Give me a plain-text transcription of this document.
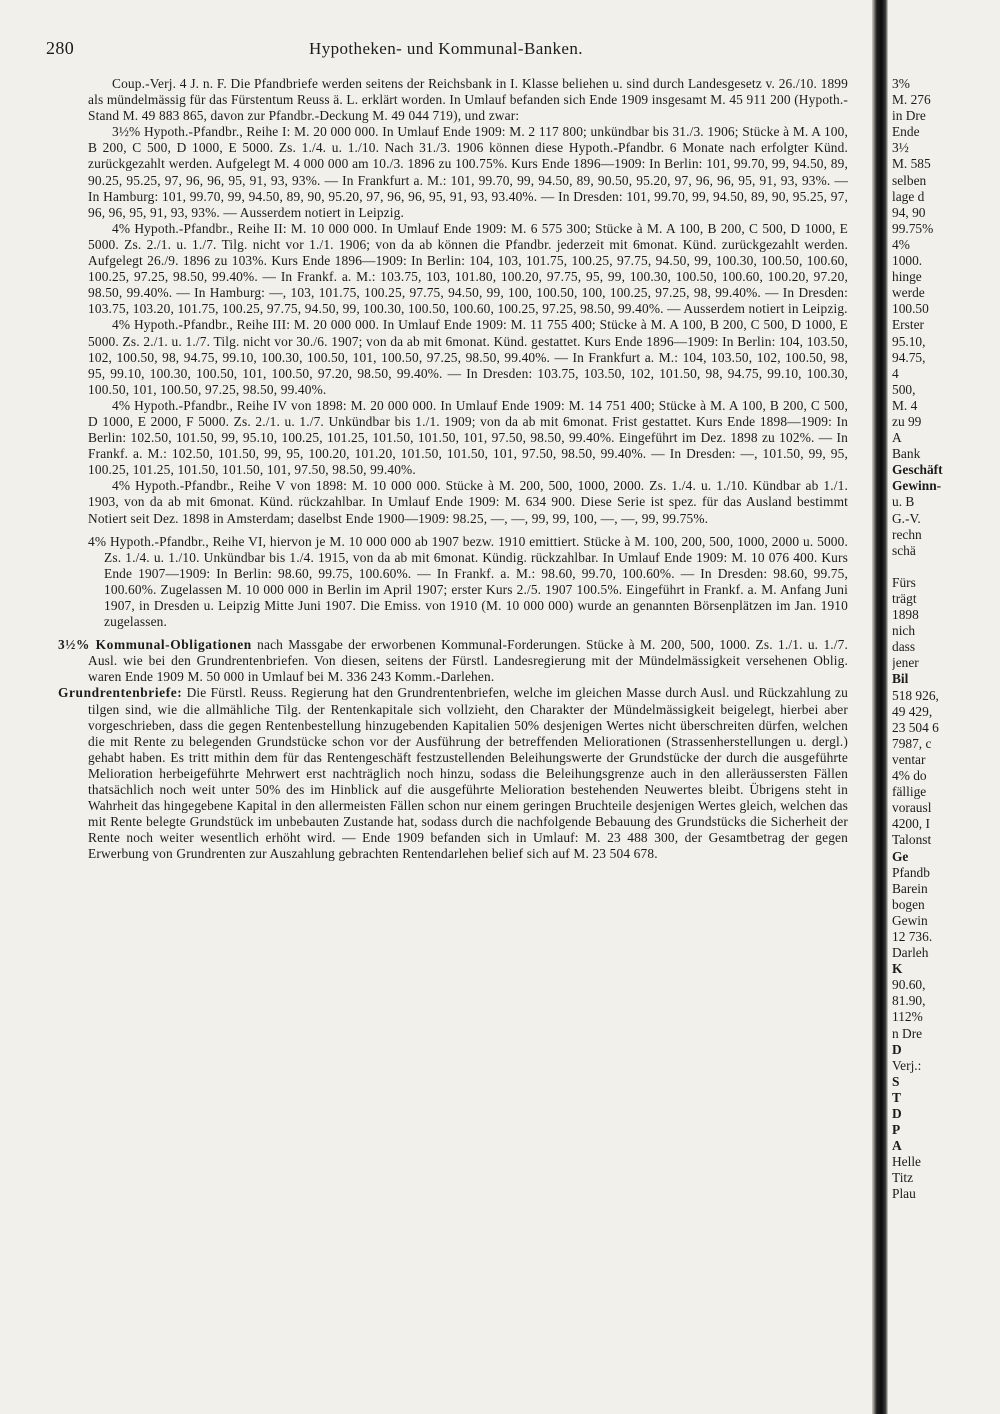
280	Hypotheken- und Kommunal-Banken.

Coup.-Verj. 4 J. n. F. Die Pfandbriefe werden seitens der Reichsbank in I. Klasse beliehen u. sind durch Landesgesetz v. 26./10. 1899 als mündelmässig für das Fürstentum Reuss ä. L. erklärt worden. In Umlauf befanden sich Ende 1909 insgesamt M. 45 911 200 (Hypoth.-Stand M. 49 883 865, davon zur Pfandbr.-Deckung M. 49 044 719), und zwar:

3½% Hypoth.-Pfandbr., Reihe I: M. 20 000 000. In Umlauf Ende 1909: M. 2 117 800; unkündbar bis 31./3. 1906; Stücke à M. A 100, B 200, C 500, D 1000, E 5000. Zs. 1./4. u. 1./10. Nach 31./3. 1906 können diese Hypoth.-Pfandbr. 6 Monate nach erfolgter Künd. zurückgezahlt werden. Aufgelegt M. 4 000 000 am 10./3. 1896 zu 100.75%. Kurs Ende 1896—1909: In Berlin: 101, 99.70, 99, 94.50, 89, 90.25, 95.25, 97, 96, 96, 95, 91, 93, 93%. — In Frankfurt a. M.: 101, 99.70, 99, 94.50, 89, 90.50, 95.20, 97, 96, 96, 95, 91, 93, 93%. — In Hamburg: 101, 99.70, 99, 94.50, 89, 90, 95.20, 97, 96, 96, 95, 91, 93, 93.40%. — In Dresden: 101, 99.70, 99, 94.50, 89, 90, 95.25, 97, 96, 96, 95, 91, 93, 93%. — Ausserdem notiert in Leipzig.

4% Hypoth.-Pfandbr., Reihe II: M. 10 000 000. In Umlauf Ende 1909: M. 6 575 300; Stücke à M. A 100, B 200, C 500, D 1000, E 5000. Zs. 2./1. u. 1./7. Tilg. nicht vor 1./1. 1906; von da ab können die Pfandbr. jederzeit mit 6monat. Künd. zurückgezahlt werden. Aufgelegt 26./9. 1896 zu 103%. Kurs Ende 1896—1909: In Berlin: 104, 103, 101.75, 100.25, 97.75, 94.50, 99, 100.30, 100.50, 100.60, 100.25, 97.25, 98.50, 99.40%. — In Frankf. a. M.: 103.75, 103, 101.80, 100.20, 97.75, 95, 99, 100.30, 100.50, 100.60, 100.20, 97.20, 98.50, 99.40%. — In Hamburg: —, 103, 101.75, 100.25, 97.75, 94.50, 99, 100, 100.50, 100, 100.25, 97.25, 98, 99.40%. — In Dresden: 103.75, 103.20, 101.75, 100.25, 97.75, 94.50, 99, 100.30, 100.50, 100.60, 100.25, 97.25, 98.50, 99.40%. — Ausserdem notiert in Leipzig.

4% Hypoth.-Pfandbr., Reihe III: M. 20 000 000. In Umlauf Ende 1909: M. 11 755 400; Stücke à M. A 100, B 200, C 500, D 1000, E 5000. Zs. 2./1. u. 1./7. Tilg. nicht vor 30./6. 1907; von da ab mit 6monat. Künd. gestattet. Kurs Ende 1896—1909: In Berlin: 104, 103.50, 102, 100.50, 98, 94.75, 99.10, 100.30, 100.50, 101, 100.50, 97.25, 98.50, 99.40%. — In Frankfurt a. M.: 104, 103.50, 102, 100.50, 98, 95, 99.10, 100.30, 100.50, 101, 100.50, 97.20, 98.50, 99.40%. — In Dresden: 103.75, 103.50, 102, 101.50, 98, 94.75, 99.10, 100.30, 100.50, 101, 100.50, 97.25, 98.50, 99.40%.

4% Hypoth.-Pfandbr., Reihe IV von 1898: M. 20 000 000. In Umlauf Ende 1909: M. 14 751 400; Stücke à M. A 100, B 200, C 500, D 1000, E 2000, F 5000. Zs. 2./1. u. 1./7. Unkündbar bis 1./1. 1909; von da ab mit 6monat. Frist gestattet. Kurs Ende 1898—1909: In Berlin: 102.50, 101.50, 99, 95.10, 100.25, 101.25, 101.50, 101.50, 101, 97.50, 98.50, 99.40%. Eingeführt im Dez. 1898 zu 102%. — In Frankf. a. M.: 102.50, 101.50, 99, 95, 100.20, 101.20, 101.50, 101.50, 101, 97.50, 98.50, 99.40%. — In Dresden: —, 101.50, 99, 95, 100.25, 101.25, 101.50, 101.50, 101, 97.50, 98.50, 99.40%.

4% Hypoth.-Pfandbr., Reihe V von 1898: M. 10 000 000. Stücke à M. 200, 500, 1000, 2000. Zs. 1./4. u. 1./10. Kündbar ab 1./1. 1903, von da ab mit 6monat. Künd. rückzahlbar. In Umlauf Ende 1909: M. 634 900. Diese Serie ist spez. für das Ausland bestimmt Notiert seit Dez. 1898 in Amsterdam; daselbst Ende 1900—1909: 98.25, —, —, 99, 99, 100, —, —, 99, 99.75%.

4% Hypoth.-Pfandbr., Reihe VI, hiervon je M. 10 000 000 ab 1907 bezw. 1910 emittiert. Stücke à M. 100, 200, 500, 1000, 2000 u. 5000. Zs. 1./4. u. 1./10. Unkündbar bis 1./4. 1915, von da ab mit 6monat. Kündig. rückzahlbar. In Umlauf Ende 1909: M. 10 076 400. Kurs Ende 1907—1909: In Berlin: 98.60, 99.75, 100.60%. — In Frankf. a. M.: 98.60, 99.70, 100.60%. — In Dresden: 98.60, 99.75, 100.60%. Zugelassen M. 10 000 000 in Berlin im April 1907; erster Kurs 2./5. 1907 100.5%. Eingeführt in Frankf. a. M. Anfang Juni 1907, in Dresden u. Leipzig Mitte Juni 1907. Die Emiss. von 1910 (M. 10 000 000) wurde an genannten Börsenplätzen im Jan. 1910 zugelassen.

3½% Kommunal-Obligationen nach Massgabe der erworbenen Kommunal-Forderungen. Stücke à M. 200, 500, 1000. Zs. 1./1. u. 1./7. Ausl. wie bei den Grundrentenbriefen. Von diesen, seitens der Fürstl. Landesregierung mit der Mündelmässigkeit versehenen Oblig. waren Ende 1909 M. 50 000 in Umlauf bei M. 336 243 Komm.-Darlehen.

Grundrentenbriefe: Die Fürstl. Reuss. Regierung hat den Grundrentenbriefen, welche im gleichen Masse durch Ausl. und Rückzahlung zu tilgen sind, wie die allmähliche Tilg. der Rentenkapitale sich vollzieht, den Charakter der Mündelmässigkeit beigelegt, hierbei aber vorgeschrieben, dass die gegen Rentenbestellung hinzugebenden Kapitalien 50% desjenigen Wertes nicht überschreiten dürfen, welchen die mit Rente zu belegenden Grundstücke schon vor der Ausführung der betreffenden Meliorationen (Strassenherstellungen u. dergl.) gehabt haben. Es tritt mithin dem für das Rentengeschäft festzustellenden Beleihungswerte der Grundstücke der durch die ausgeführte Melioration herbeigeführte Mehrwert erst nachträglich noch hinzu, sodass die Beleihungsgrenze auch in den alleräussersten Fällen thatsächlich noch weit unter 50% des im Hinblick auf die ausgeführte Melioration bestehenden Neuwertes bleibt. Übrigens steht in Wahrheit das hingegebene Kapital in den allermeisten Fällen schon nur einem geringen Bruchteile desjenigen Wertes gleich, welchen das mit Rente belegte Grundstück im unbebauten Zustande hat, sodass durch die nachfolgende Bebauung des Grundstücks die Sicherheit der Rente noch weiter wesentlich erhöht wird. — Ende 1909 befanden sich in Umlauf: M. 23 488 300, der Gesamtbetrag der gegen Erwerbung von Grundrenten zur Auszahlung gebrachten Rentendarlehen belief sich auf M. 23 504 678.

3%
M. 276
in Dre
Ende
3½
M. 585
selben
lage d
94, 90
99.75%
4%
1000.
hinge
werde
100.50
Erster
95.10,
94.75,
4
500,
M. 4
zu 99
A
Bank
Geschäft
Gewinn-
u. B
G.-V.
rechn
schä
Fürs
trägt
1898
nich
dass
jener
Bil
518 926,
49 429,
23 504 6
7987, c
ventar
4% do
fällige
vorausl
4200, I
Talonst
Ge
Pfandb
Barein
bogen
Gewin
12 736.
Darleh
K
90.60,
81.90,
112%
n Dre
D
Verj.:
S
T
D
P
A
Helle
Titz
Plau
